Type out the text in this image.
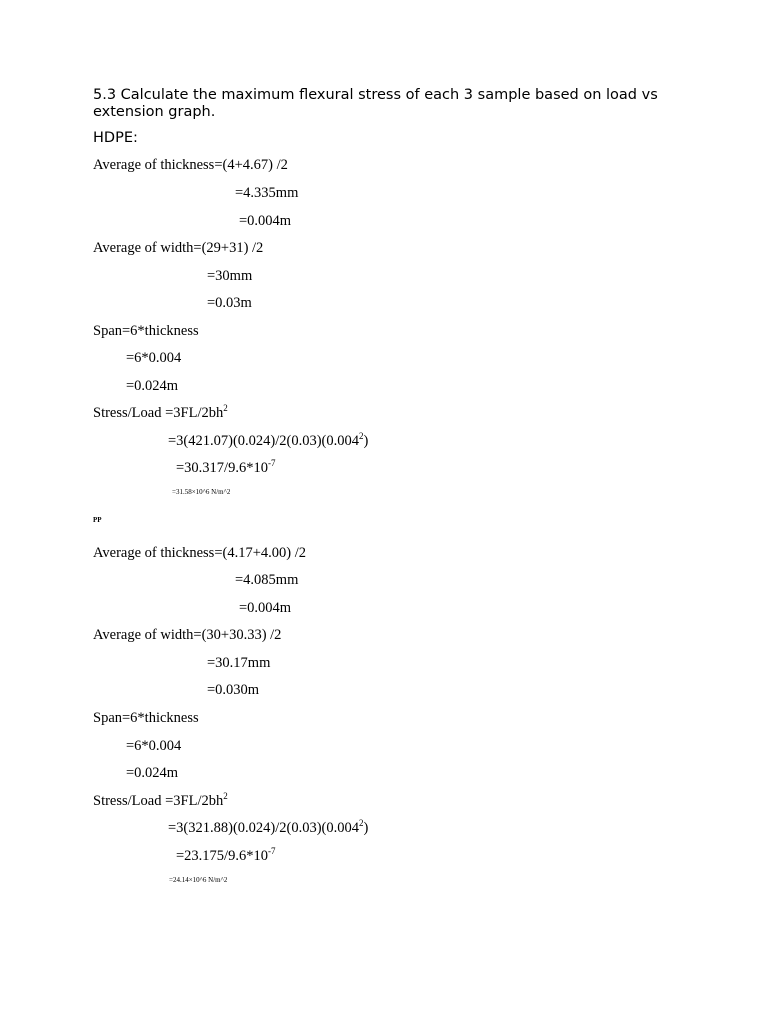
5.3 Calculate the maximum flexural stress of each 3 sample based on load vs
extension graph.
HDPE:
Average of thickness=(4+4.67) /2
=4.335mm
=0.004m
Average of width=(29+31) /2
=30mm
=0.03m
Span=6*thickness
=6*0.004
=0.024m
Stress/Load $=3FL/2bh^2$
$=3(421.07)(0.024)/2(0.03)(0.004^2)$
$=30.317/9.6*10^{-7}$
=31.58×10^6 N/m^2
PP
Average of thickness=(4.17+4.00) /2
=4.085mm
=0.004m
Average of width=(30+30.33) /2
=30.17mm
=0.030m
Span=6*thickness
=6*0.004
=0.024m
Stress/Load $=3FL/2bh^2$
$=3(321.88)(0.024)/2(0.03)(0.004^2)$
$=23.175/9.6*10^{-7}$
=24.14×10^6 N/m^2
